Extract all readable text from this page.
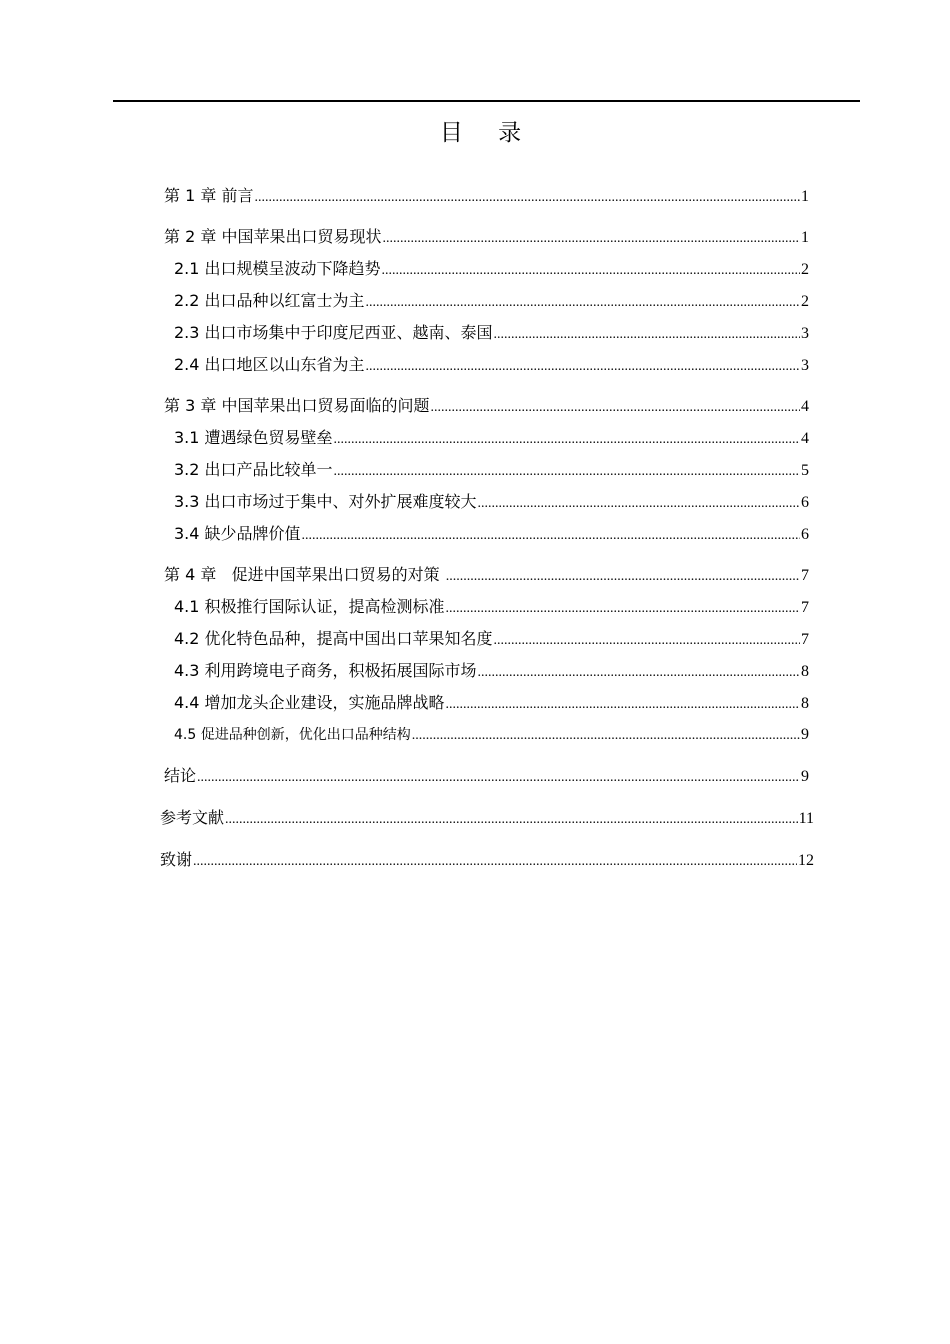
目 录
第 1 章 前言 .....	1
第 2 章 中国苹果出口贸易现状 .....	1
2.1 出口规模呈波动下降趋势 .....	2
2.2 出口品种以红富士为主 .....	2
2.3 出口市场集中于印度尼西亚、越南、泰国 .....	3
2.4 出口地区以山东省为主 .....	3
第 3 章 中国苹果出口贸易面临的问题 .....	4
3.1 遭遇绿色贸易壁垒 .....	4
3.2 出口产品比较单一 .....	5
3.3 出口市场过于集中、对外扩展难度较大 .....	6
3.4 缺少品牌价值 .....	6
第 4 章   促进中国苹果出口贸易的对策 .....	7
4.1 积极推行国际认证，提高检测标准 .....	7
4.2 优化特色品种，提高中国出口苹果知名度 .....	7
4.3 利用跨境电子商务，积极拓展国际市场 .....	8
4.4 增加龙头企业建设，实施品牌战略 .....	8
4.5 促进品种创新，优化出口品种结构 .....	9
结论 .....	9
参考文献 .....	11
致谢 .....	12
